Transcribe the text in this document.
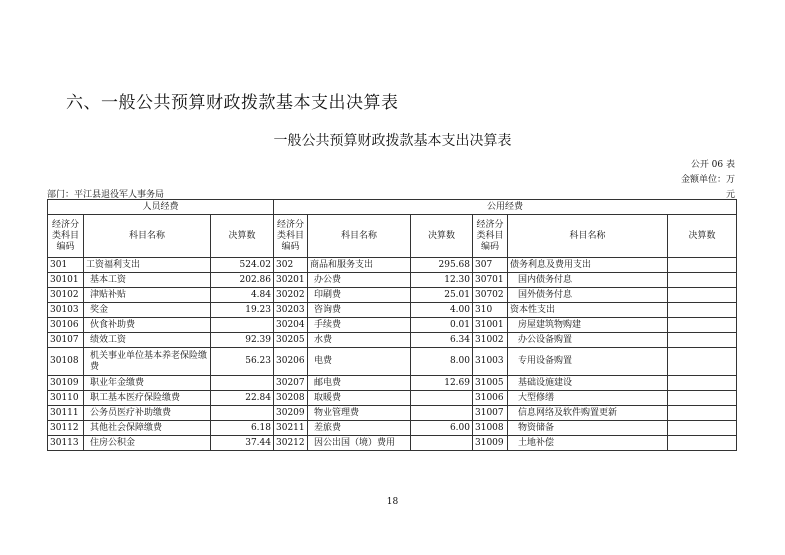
六、一般公共预算财政拨款基本支出决算表
一般公共预算财政拨款基本支出决算表
公开 06 表
金额单位：万
元
部门：平江县退役军人事务局
人员经费			公用经费					
经济分类科目编码	科目名称	决算数	经济分类科目编码	科目名称	决算数	经济分类科目编码	科目名称	决算数
301	工资福利支出	524.02	302	商品和服务支出	295.68	307	债务利息及费用支出	
30101	基本工资	202.86	30201	办公费	12.30	30701	国内债务付息	
30102	津贴补贴	4.84	30202	印刷费	25.01	30702	国外债务付息	
30103	奖金	19.23	30203	咨询费	4.00	310	资本性支出	
30106	伙食补助费		30204	手续费	0.01	31001	房屋建筑物购建	
30107	绩效工资	92.39	30205	水费	6.34	31002	办公设备购置	
30108	机关事业单位基本养老保险缴费	56.23	30206	电费	8.00	31003	专用设备购置	
30109	职业年金缴费		30207	邮电费	12.69	31005	基础设施建设	
30110	职工基本医疗保险缴费	22.84	30208	取暖费		31006	大型修缮	
30111	公务员医疗补助缴费		30209	物业管理费		31007	信息网络及软件购置更新	
30112	其他社会保障缴费	6.18	30211	差旅费	6.00	31008	物资储备	
30113	住房公积金	37.44	30212	因公出国（境）费用		31009	土地补偿	
18
